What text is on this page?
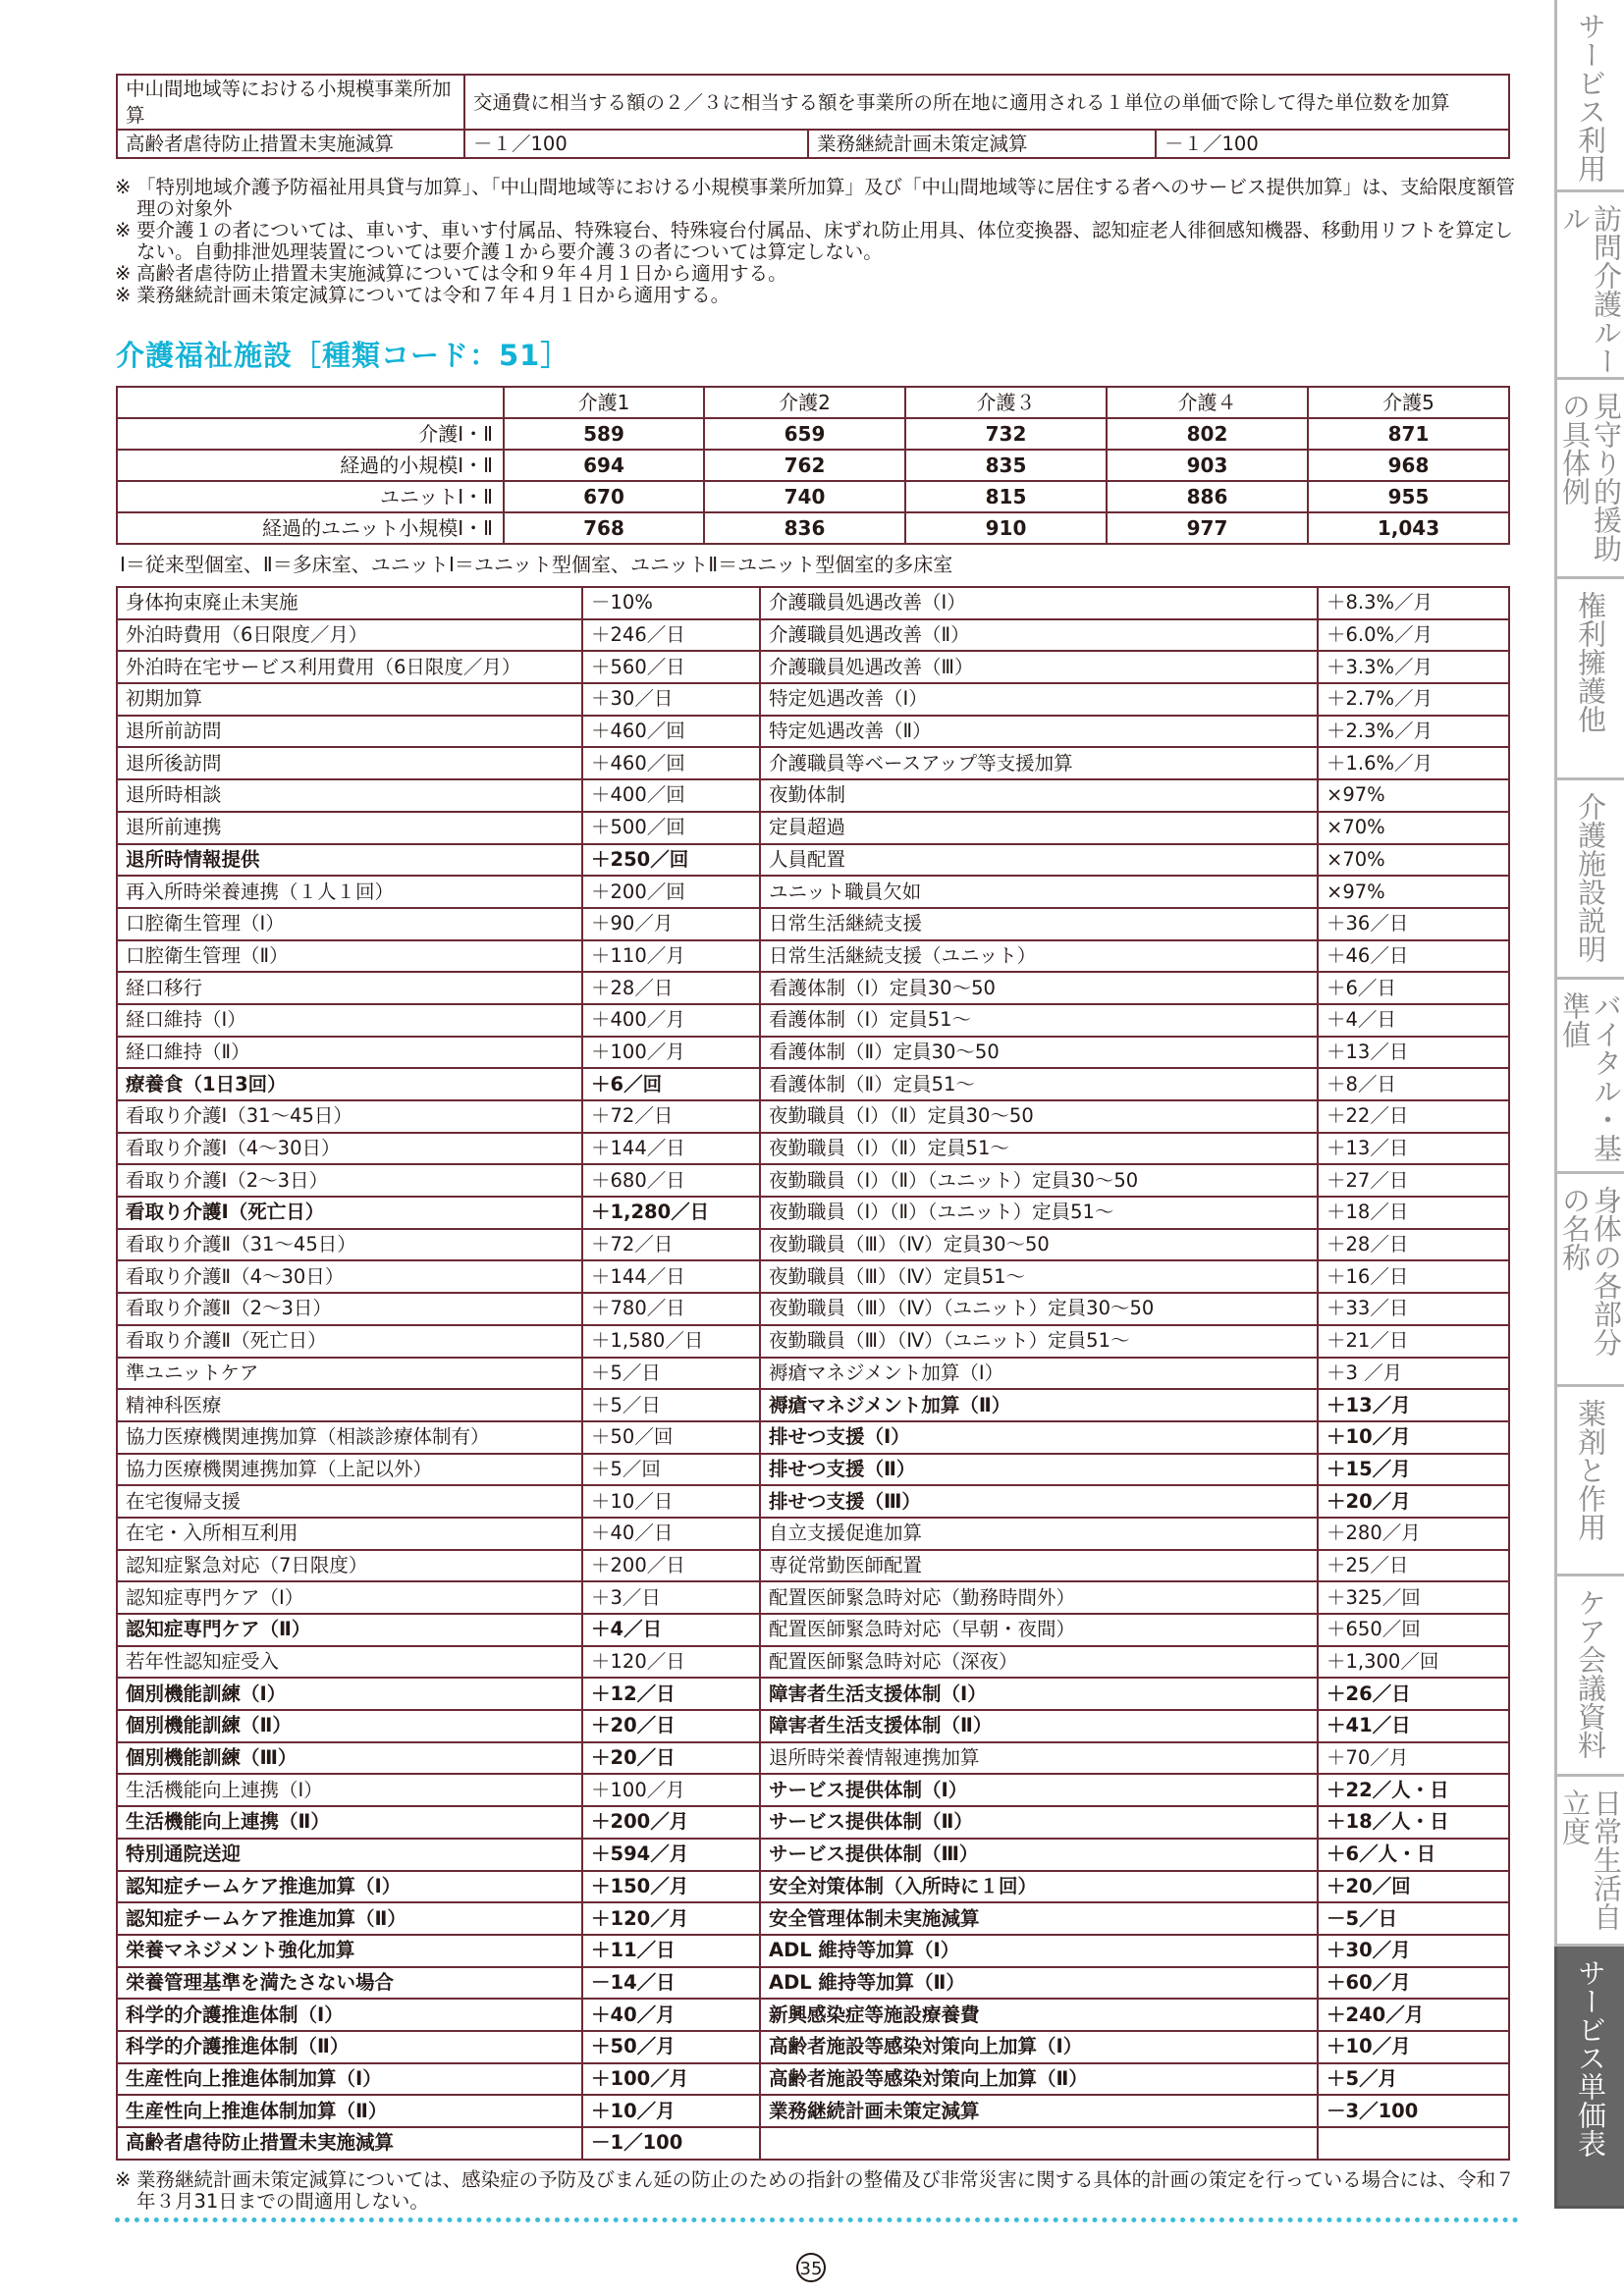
中山間地域等における小規模事業所加算	交通費に相当する額の２／３に相当する額を事業所の所在地に適用される１単位の単価で除して得た単位数を加算		
高齢者虐待防止措置未実施減算	－１／100	業務継続計画未策定減算	－１／100
※ 「特別地域介護予防福祉用具貸与加算」、「中山間地域等における小規模事業所加算」及び「中山間地域等に居住する者へのサービス提供加算」は、支給限度額管理の対象外
※ 要介護１の者については、車いす、車いす付属品、特殊寝台、特殊寝台付属品、床ずれ防止用具、体位変換器、認知症老人徘徊感知機器、移動用リフトを算定しない。自動排泄処理装置については要介護１から要介護３の者については算定しない。
※ 高齢者虐待防止措置未実施減算については令和９年４月１日から適用する。
※ 業務継続計画未策定減算については令和７年４月１日から適用する。
介護福祉施設［種類コード：51］
	介護1	介護2	介護３	介護４	介護5
介護Ⅰ・Ⅱ	589	659	732	802	871
経過的小規模Ⅰ・Ⅱ	694	762	835	903	968
ユニットⅠ・Ⅱ	670	740	815	886	955
経過的ユニット小規模Ⅰ・Ⅱ	768	836	910	977	1,043
Ⅰ＝従来型個室、Ⅱ＝多床室、ユニットⅠ＝ユニット型個室、ユニットⅡ＝ユニット型個室的多床室
身体拘束廃止未実施	－10%	介護職員処遇改善（Ⅰ）	＋8.3%／月
外泊時費用（6日限度／月）	＋246／日	介護職員処遇改善（Ⅱ）	＋6.0%／月
外泊時在宅サービス利用費用（6日限度／月）	＋560／日	介護職員処遇改善（Ⅲ）	＋3.3%／月
初期加算	＋30／日	特定処遇改善（Ⅰ）	＋2.7%／月
退所前訪問	＋460／回	特定処遇改善（Ⅱ）	＋2.3%／月
退所後訪問	＋460／回	介護職員等ベースアップ等支援加算	＋1.6%／月
退所時相談	＋400／回	夜勤体制	×97%
退所前連携	＋500／回	定員超過	×70%
退所時情報提供	＋250／回	人員配置	×70%
再入所時栄養連携（１人１回）	＋200／回	ユニット職員欠如	×97%
口腔衛生管理（Ⅰ）	＋90／月	日常生活継続支援	＋36／日
口腔衛生管理（Ⅱ）	＋110／月	日常生活継続支援（ユニット）	＋46／日
経口移行	＋28／日	看護体制（Ⅰ）定員30～50	＋6／日
経口維持（Ⅰ）	＋400／月	看護体制（Ⅰ）定員51～	＋4／日
経口維持（Ⅱ）	＋100／月	看護体制（Ⅱ）定員30～50	＋13／日
療養食（1日3回）	＋6／回	看護体制（Ⅱ）定員51～	＋8／日
看取り介護Ⅰ（31～45日）	＋72／日	夜勤職員（Ⅰ）（Ⅱ）定員30～50	＋22／日
看取り介護Ⅰ（4～30日）	＋144／日	夜勤職員（Ⅰ）（Ⅱ）定員51～	＋13／日
看取り介護Ⅰ（2～3日）	＋680／日	夜勤職員（Ⅰ）（Ⅱ）（ユニット）定員30～50	＋27／日
看取り介護Ⅰ（死亡日）	＋1,280／日	夜勤職員（Ⅰ）（Ⅱ）（ユニット）定員51～	＋18／日
看取り介護Ⅱ（31～45日）	＋72／日	夜勤職員（Ⅲ）（Ⅳ）定員30～50	＋28／日
看取り介護Ⅱ（4～30日）	＋144／日	夜勤職員（Ⅲ）（Ⅳ）定員51～	＋16／日
看取り介護Ⅱ（2～3日）	＋780／日	夜勤職員（Ⅲ）（Ⅳ）（ユニット）定員30～50	＋33／日
看取り介護Ⅱ（死亡日）	＋1,580／日	夜勤職員（Ⅲ）（Ⅳ）（ユニット）定員51～	＋21／日
準ユニットケア	＋5／日	褥瘡マネジメント加算（Ⅰ）	＋3 ／月
精神科医療	＋5／日	褥瘡マネジメント加算（Ⅱ）	＋13／月
協力医療機関連携加算（相談診療体制有）	＋50／回	排せつ支援（Ⅰ）	＋10／月
協力医療機関連携加算（上記以外）	＋5／回	排せつ支援（Ⅱ）	＋15／月
在宅復帰支援	＋10／日	排せつ支援（Ⅲ）	＋20／月
在宅・入所相互利用	＋40／日	自立支援促進加算	＋280／月
認知症緊急対応（7日限度）	＋200／日	専従常勤医師配置	＋25／日
認知症専門ケア（Ⅰ）	＋3／日	配置医師緊急時対応（勤務時間外）	＋325／回
認知症専門ケア（Ⅱ）	＋4／日	配置医師緊急時対応（早朝・夜間）	＋650／回
若年性認知症受入	＋120／日	配置医師緊急時対応（深夜）	＋1,300／回
個別機能訓練（Ⅰ）	＋12／日	障害者生活支援体制（Ⅰ）	＋26／日
個別機能訓練（Ⅱ）	＋20／日	障害者生活支援体制（Ⅱ）	＋41／日
個別機能訓練（Ⅲ）	＋20／日	退所時栄養情報連携加算	＋70／月
生活機能向上連携（Ⅰ）	＋100／月	サービス提供体制（Ⅰ）	＋22／人・日
生活機能向上連携（Ⅱ）	＋200／月	サービス提供体制（Ⅱ）	＋18／人・日
特別通院送迎	＋594／月	サービス提供体制（Ⅲ）	＋6／人・日
認知症チームケア推進加算（Ⅰ）	＋150／月	安全対策体制（入所時に１回）	＋20／回
認知症チームケア推進加算（Ⅱ）	＋120／月	安全管理体制未実施減算	－5／日
栄養マネジメント強化加算	＋11／日	ADL 維持等加算（Ⅰ）	＋30／月
栄養管理基準を満たさない場合	－14／日	ADL 維持等加算（Ⅱ）	＋60／月
科学的介護推進体制（Ⅰ）	＋40／月	新興感染症等施設療養費	＋240／月
科学的介護推進体制（Ⅱ）	＋50／月	高齢者施設等感染対策向上加算（Ⅰ）	＋10／月
生産性向上推進体制加算（Ⅰ）	＋100／月	高齢者施設等感染対策向上加算（Ⅱ）	＋5／月
生産性向上推進体制加算（Ⅱ）	＋10／月	業務継続計画未策定減算	－3／100
高齢者虐待防止措置未実施減算	－1／100		
※ 業務継続計画未策定減算については、感染症の予防及びまん延の防止のための指針の整備及び非常災害に関する具体的計画の策定を行っている場合には、令和７年３月31日までの間適用しない。
35
サービス利用
訪問介護ルール
見守り的援助の具体例
権利擁護他
介護施設説明
バイタル・基準値
身体の各部分の名称
薬剤と作用
ケア会議資料
日常生活自立度
サービス単価表
